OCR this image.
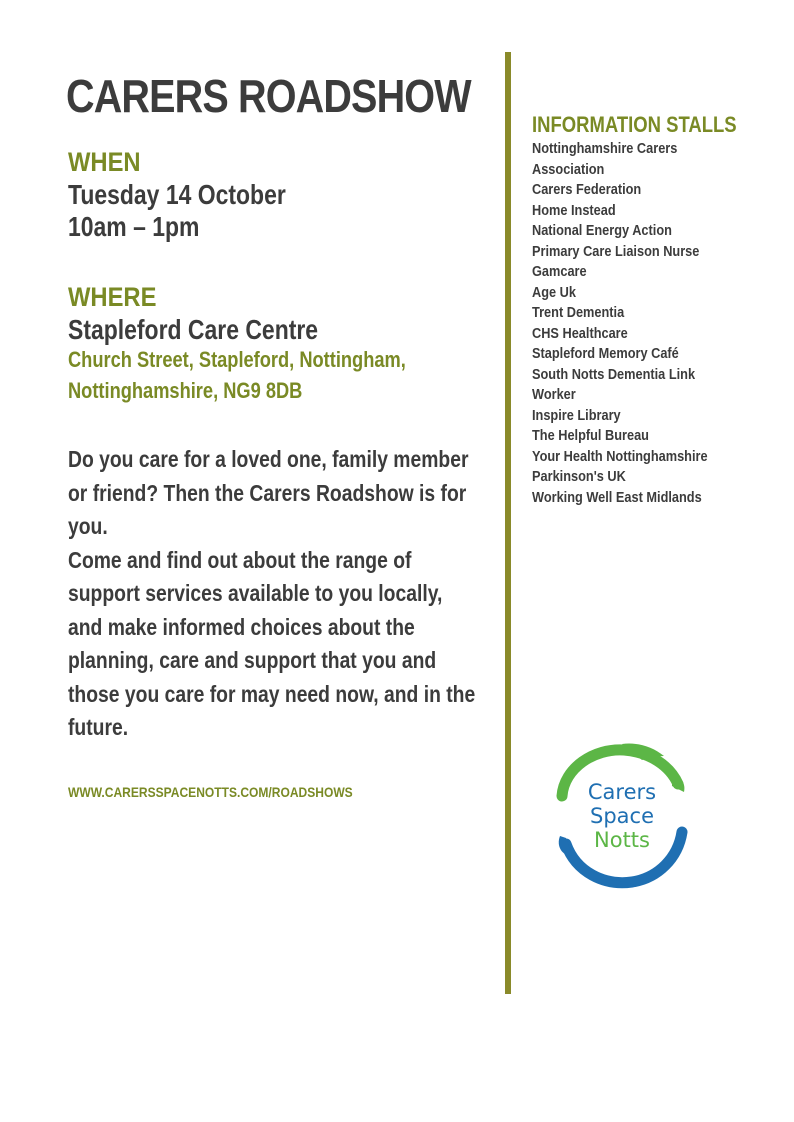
CARERS ROADSHOW
WHEN

Tuesday 14 October

10am – 1pm

WHERE

Stapleford Care Centre

Church Street, Stapleford, Nottingham,

Nottinghamshire, NG9 8DB

Do you care for a loved one, family member or friend? Then the Carers Roadshow is for you.

Come and find out about the range of support services available to you locally, and make informed choices about the planning, care and support that you and those you care for may need now, and in the future.

WWW.CARERSSPACENOTTS.COM/ROADSHOWS
INFORMATION STALLS
Nottinghamshire Carers
Association
Carers Federation
Home Instead
National Energy Action
Primary Care Liaison Nurse
Gamcare
Age Uk
Trent Dementia
CHS Healthcare
Stapleford Memory Café
South Notts Dementia Link
Worker
Inspire Library
The Helpful Bureau
Your Health Nottinghamshire
Parkinson's UK
Working Well East Midlands
Carers
Space
Notts
